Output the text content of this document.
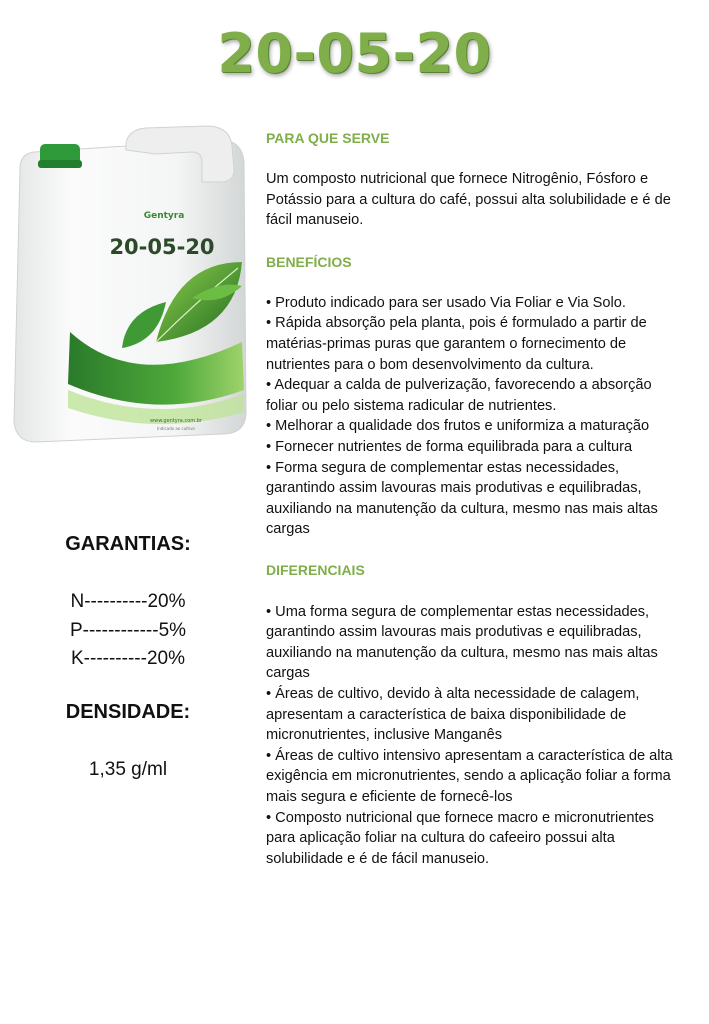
20-05-20
Gentyra
20-05-20
www.gentyra.com.br
Indicado ao cultivo
PARA QUE SERVE

Um composto nutricional que fornece Nitrogênio, Fósforo e Potássio para a cultura do café, possui alta solubilidade e é de fácil manuseio.

BENEFÍCIOS

• Produto indicado para ser usado Via Foliar e Via Solo.

• Rápida absorção pela planta, pois é formulado a partir de matérias-primas puras que garantem o fornecimento de nutrientes para o bom desenvolvimento da cultura.

• Adequar a calda de pulverização, favorecendo a absorção foliar ou pelo sistema radicular de nutrientes.

• Melhorar a qualidade dos frutos e uniformiza a maturação

• Fornecer nutrientes de forma equilibrada para a cultura

• Forma segura de complementar estas necessidades, garantindo assim lavouras mais produtivas e equilibradas, auxiliando na manutenção da cultura, mesmo nas mais altas cargas

DIFERENCIAIS

• Uma forma segura de complementar estas necessidades, garantindo assim lavouras mais produtivas e equilibradas, auxiliando na manutenção da cultura, mesmo nas mais altas cargas

• Áreas de cultivo, devido à alta necessidade de calagem, apresentam a característica de baixa disponibilidade de micronutrientes, inclusive Manganês

• Áreas de cultivo intensivo apresentam a característica de alta exigência em micronutrientes, sendo a aplicação foliar a forma mais segura e eficiente de fornecê-los

• Composto nutricional que fornece macro e micronutrientes para aplicação foliar na cultura do cafeeiro possui alta solubilidade e é de fácil manuseio.

GARANTIAS:
N----------20%
P------------5%
K----------20%
DENSIDADE:
1,35 g/ml
